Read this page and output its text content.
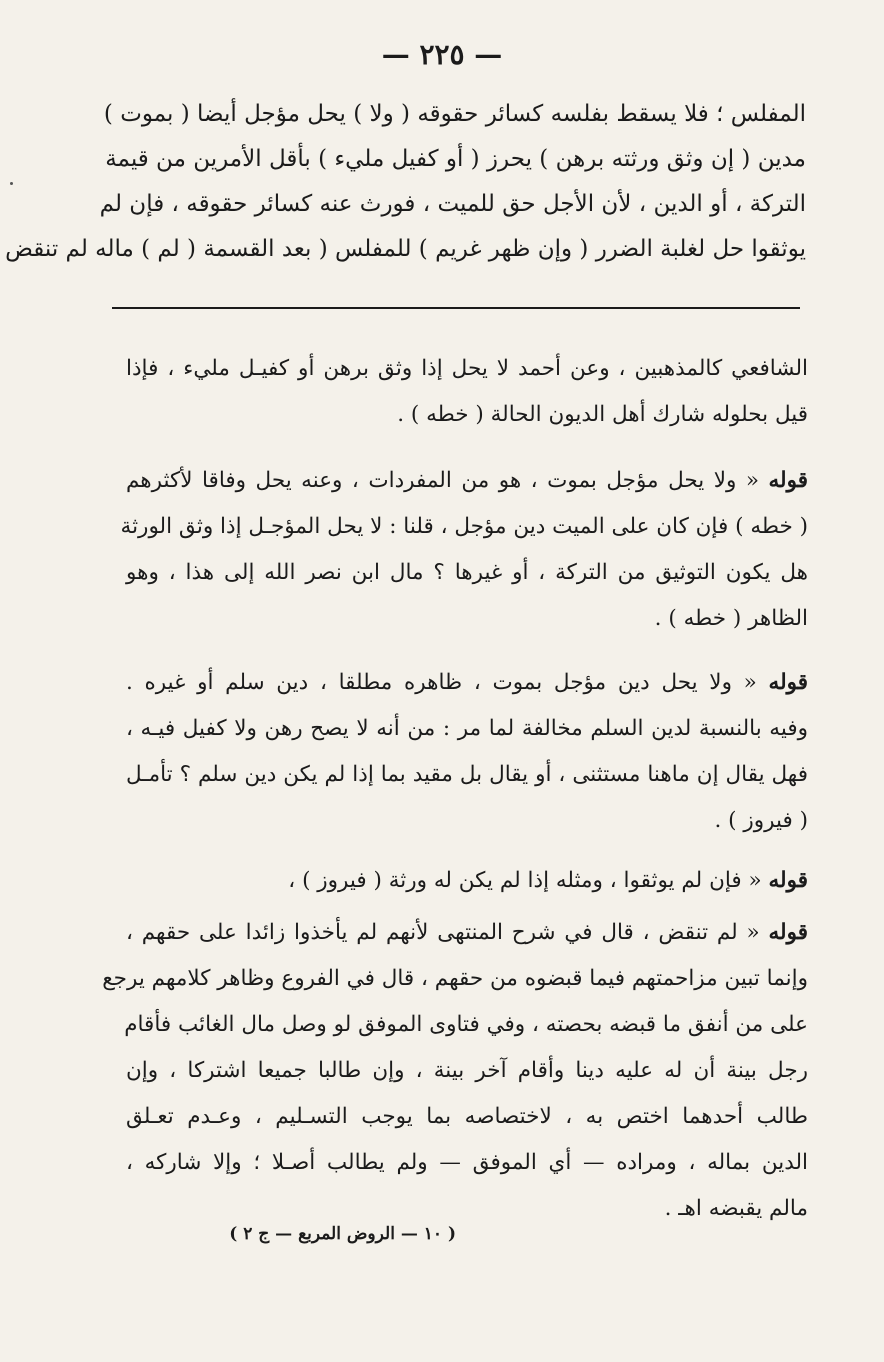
— ٢٢٥ —
المفلس ؛ فلا يسقط بفلسه كسائر حقوقه ( ولا ) يحل مؤجل أيضا ( بموت )
مدين ( إن وثق ورثته برهن ) يحرز ( أو كفيل مليء ) بأقل الأمرين من قيمة
التركة ، أو الدين ، لأن الأجل حق للميت ، فورث عنه كسائر حقوقه ، فإن لم
يوثقوا حل لغلبة الضرر ( وإن ظهر غريم ) للمفلس ( بعد القسمة ( لم ) ماله لم تنقض
الشافعي كالمذهبين ، وعن أحمد لا يحل إذا وثق برهن أو كفيـل مليء ، فإذا
قيل بحلوله شارك أهل الديون الحالة ( خطه ) .
قوله « ولا يحل مؤجل بموت ، هو من المفردات ، وعنه يحل وفاقا لأكثرهم
( خطه ) فإن كان على الميت دين مؤجل ، قلنا : لا يحل المؤجـل إذا وثق الورثة
هل يكون التوثيق من التركة ، أو غيرها ؟ مال ابن نصر الله إلى هذا ، وهو
الظاهر ( خطه ) .
قوله « ولا يحل دين مؤجل بموت ، ظاهره مطلقا ، دين سلم أو غيره .
وفيه بالنسبة لدين السلم مخالفة لما مر : من أنه لا يصح رهن ولا كفيل فيـه ،
فهل يقال إن ماهنا مستثنى ، أو يقال بل مقيد بما إذا لم يكن دين سلم ؟ تأمـل
( فيروز ) .
قوله « فإن لم يوثقوا ، ومثله إذا لم يكن له ورثة ( فيروز ) ،
قوله « لم تنقض ، قال في شرح المنتهى لأنهم لم يأخذوا زائدا على حقهم ،
وإنما تبين مزاحمتهم فيما قبضوه من حقهم ، قال في الفروع وظاهر كلامهم يرجع
على من أنفق ما قبضه بحصته ، وفي فتاوى الموفق لو وصل مال الغائب فأقام
رجل بينة أن له عليه دينا وأقام آخر بينة ، وإن طالبا جميعا اشتركا ، وإن
طالب أحدهما اختص به ، لاختصاصه بما يوجب التسـليم ، وعـدم تعـلق
الدين بماله ، ومراده — أي الموفق — ولم يطالب أصـلا ؛ وإلا شاركه ،
مالم يقبضه اهـ .
( ١٠ — الروض المربع — ج ٢ )
